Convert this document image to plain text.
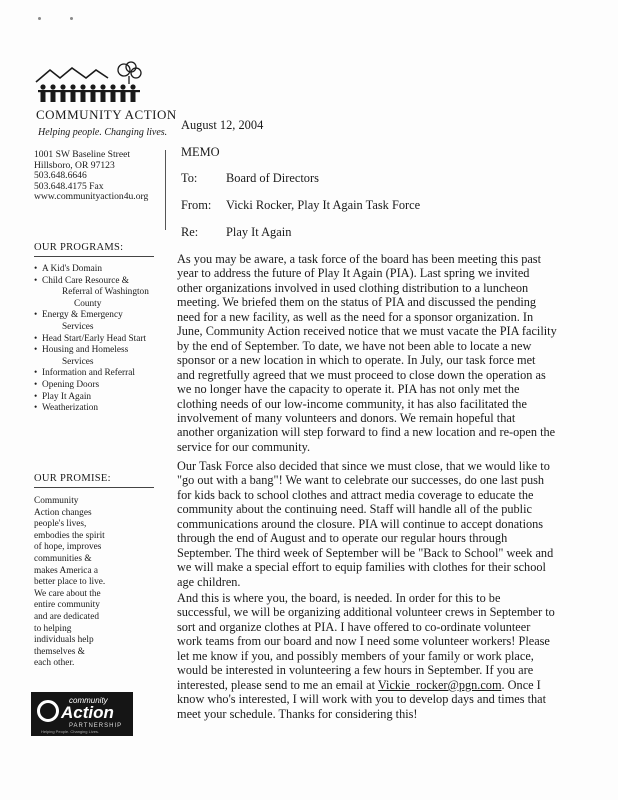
COMMUNITY ACTION
Helping people. Changing lives.
1001 SW Baseline Street
Hillsboro, OR 97123
503.648.6646
503.648.4175 Fax
www.communityaction4u.org
OUR PROGRAMS:
• A Kid's Domain
• Child Care Resource &
Referral of Washington
County
• Energy & Emergency
Services
• Head Start/Early Head Start
• Housing and Homeless
Services
• Information and Referral
• Opening Doors
• Play It Again
• Weatherization
OUR PROMISE:
Community
Action changes
people's lives,
embodies the spirit
of hope, improves
communities &
makes America a
better place to live.
We care about the
entire community
and are dedicated
to helping
individuals help
themselves &
each other.
community
Action
PARTNERSHIP
Helping People. Changing Lives.
August 12, 2004
MEMO
To: Board of Directors
From: Vicki Rocker, Play It Again Task Force
Re: Play It Again
As you may be aware, a task force of the board has been meeting this past
year to address the future of Play It Again (PIA). Last spring we invited
other organizations involved in used clothing distribution to a luncheon
meeting. We briefed them on the status of PIA and discussed the pending
need for a new facility, as well as the need for a sponsor organization. In
June, Community Action received notice that we must vacate the PIA facility
by the end of September. To date, we have not been able to locate a new
sponsor or a new location in which to operate. In July, our task force met
and regretfully agreed that we must proceed to close down the operation as
we no longer have the capacity to operate it. PIA has not only met the
clothing needs of our low-income community, it has also facilitated the
involvement of many volunteers and donors. We remain hopeful that
another organization will step forward to find a new location and re-open the
service for our community.
Our Task Force also decided that since we must close, that we would like to
"go out with a bang"! We want to celebrate our successes, do one last push
for kids back to school clothes and attract media coverage to educate the
community about the continuing need. Staff will handle all of the public
communications around the closure. PIA will continue to accept donations
through the end of August and to operate our regular hours through
September. The third week of September will be "Back to School" week and
we will make a special effort to equip families with clothes for their school
age children.
And this is where you, the board, is needed. In order for this to be
successful, we will be organizing additional volunteer crews in September to
sort and organize clothes at PIA. I have offered to co-ordinate volunteer
work teams from our board and now I need some volunteer workers! Please
let me know if you, and possibly members of your family or work place,
would be interested in volunteering a few hours in September. If you are
interested, please send to me an email at Vickie_rocker@pgn.com. Once I
know who's interested, I will work with you to develop days and times that
meet your schedule. Thanks for considering this!
